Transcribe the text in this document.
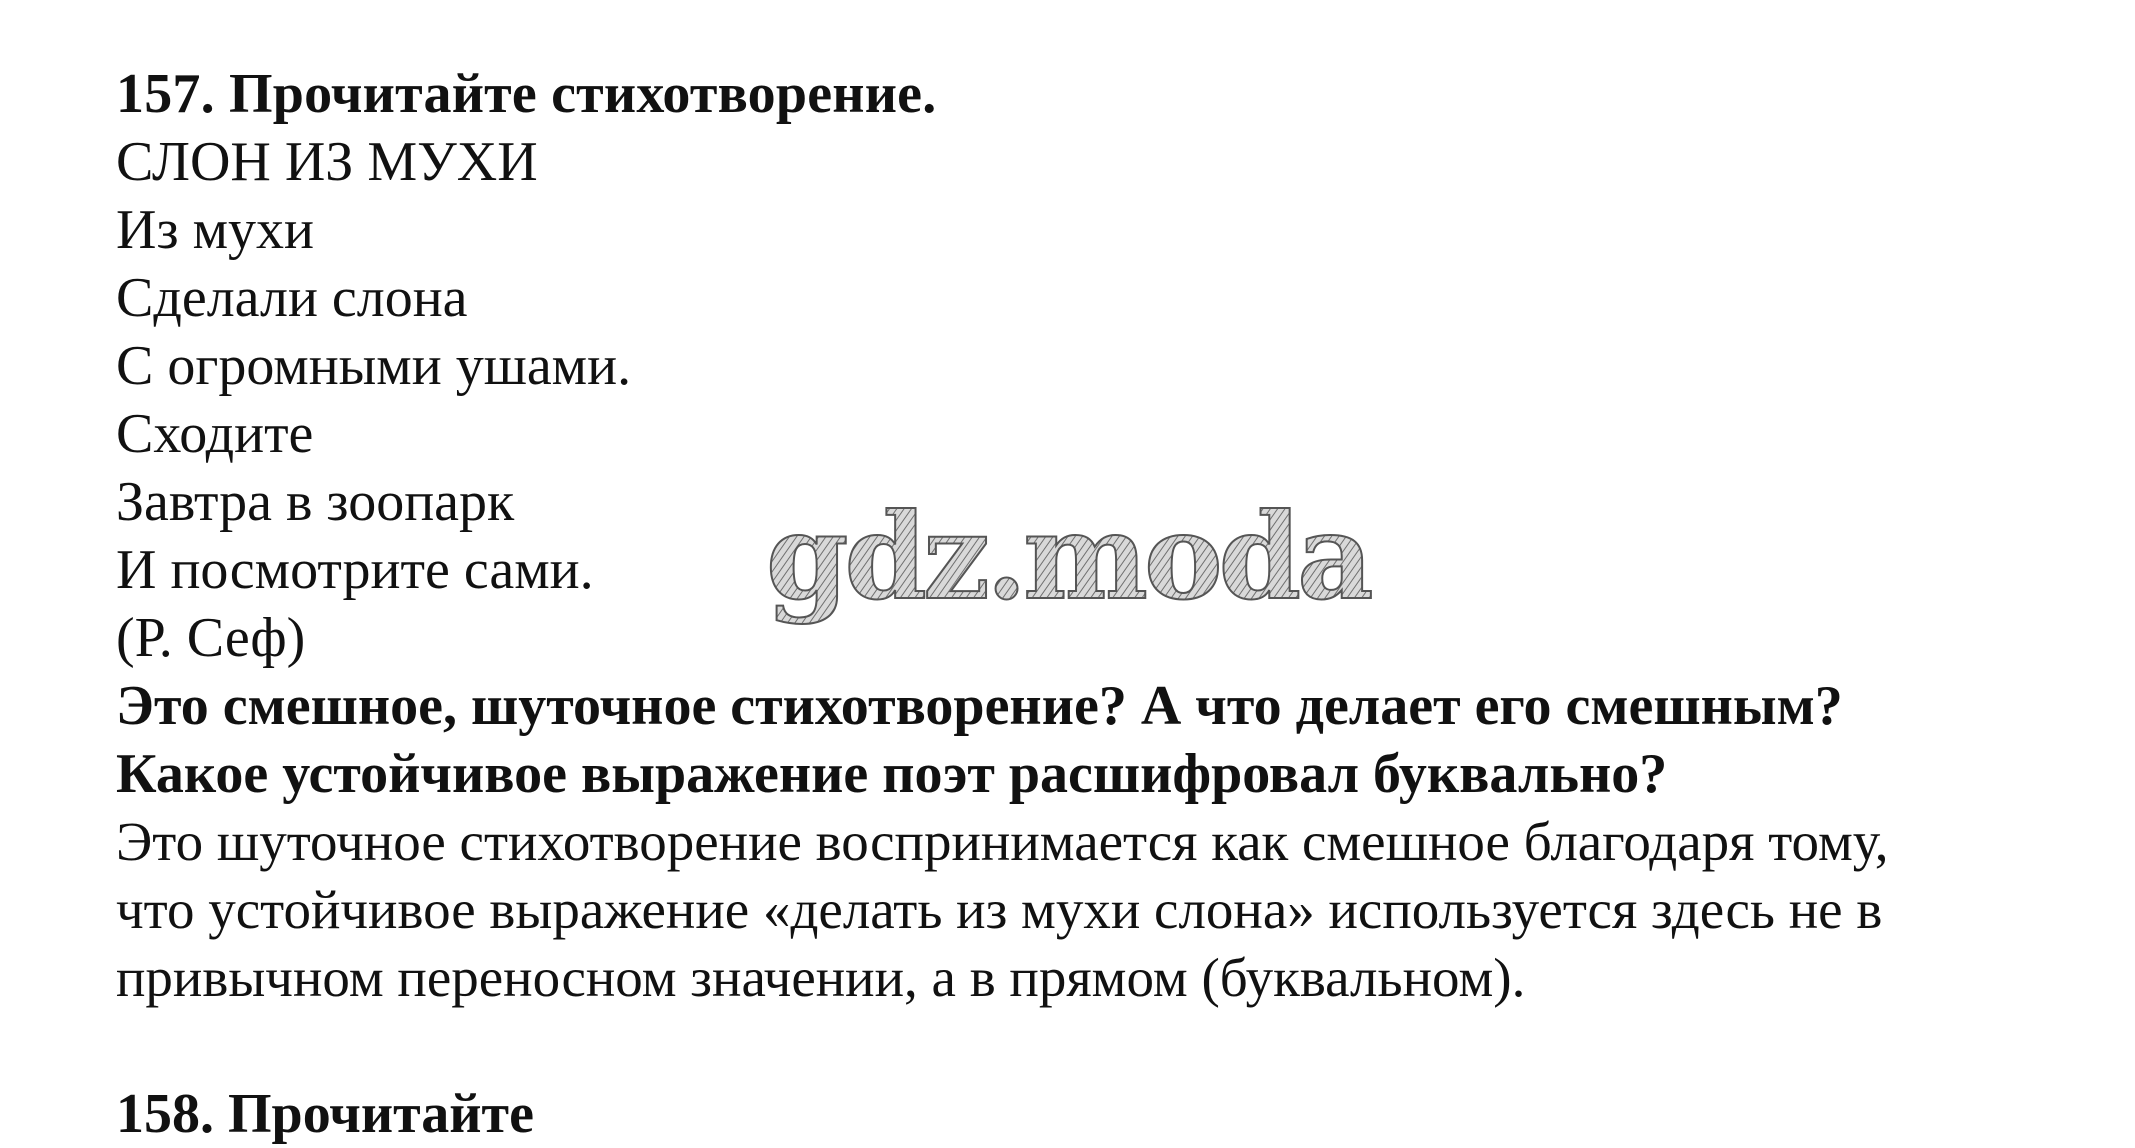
157. Прочитайте стихотворение.
СЛОН ИЗ МУХИ
Из мухи
Сделали слона
С огромными ушами.
Сходите
Завтра в зоопарк
И посмотрите сами.
(Р. Сеф)
Это смешное, шуточное стихотворение? А что делает его смешным?
Какое устойчивое выражение поэт расшифровал буквально?
Это шуточное стихотворение воспринимается как смешное благодаря тому,
что устойчивое выражение «делать из мухи слона» используется здесь не в
привычном переносном значении, а в прямом (буквальном).
158. Прочитайте
gdz.moda
